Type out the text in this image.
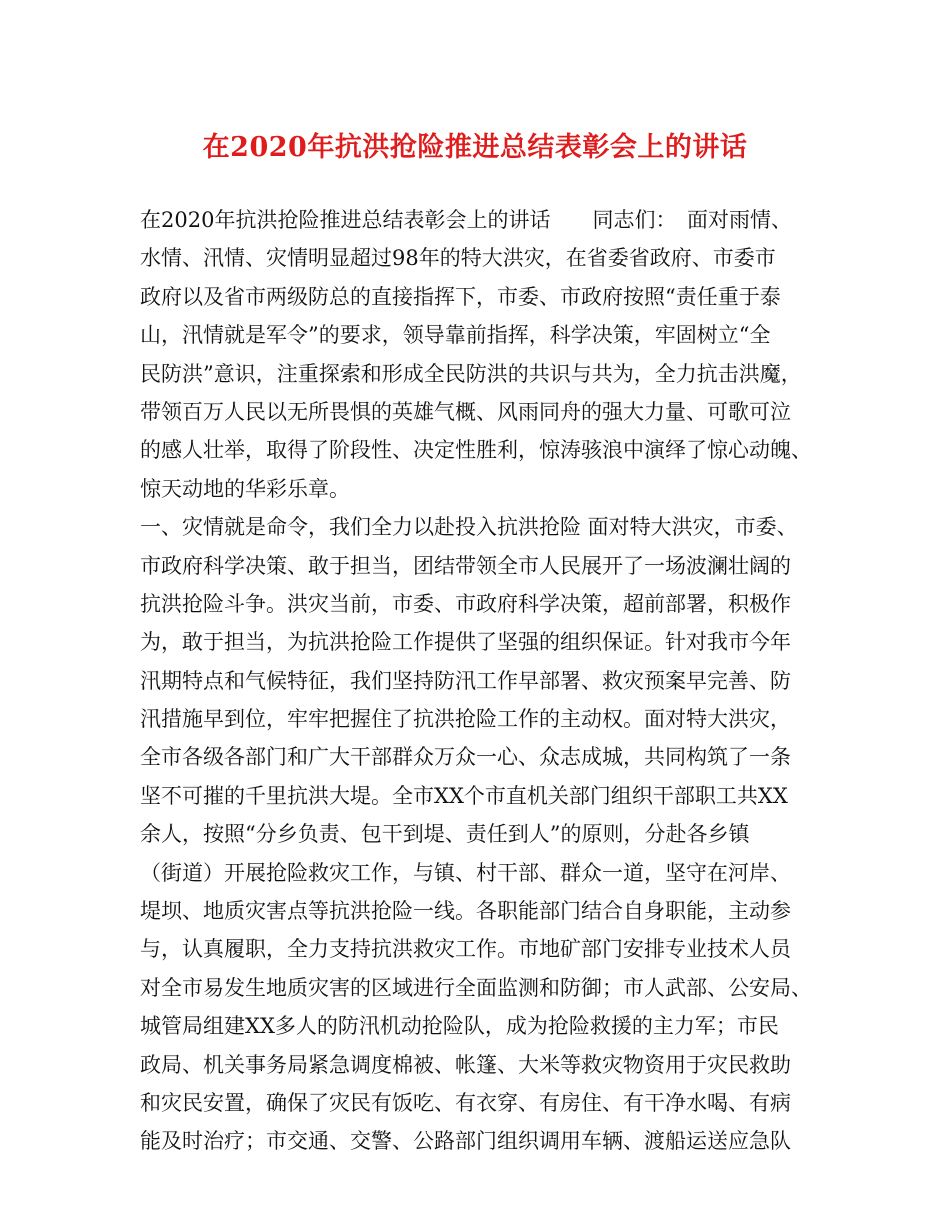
在2020年抗洪抢险推进总结表彰会上的讲话
在2020年抗洪抢险推进总结表彰会上的讲话　　同志们：　面对雨情、
水情、汛情、灾情明显超过98年的特大洪灾，在省委省政府、市委市
政府以及省市两级防总的直接指挥下，市委、市政府按照“责任重于泰
山，汛情就是军令”的要求，领导靠前指挥，科学决策，牢固树立“全
民防洪”意识，注重探索和形成全民防洪的共识与共为，全力抗击洪魔，
带领百万人民以无所畏惧的英雄气概、风雨同舟的强大力量、可歌可泣
的感人壮举，取得了阶段性、决定性胜利，惊涛骇浪中演绎了惊心动魄、
惊天动地的华彩乐章。
一、灾情就是命令，我们全力以赴投入抗洪抢险 面对特大洪灾，市委、
市政府科学决策、敢于担当，团结带领全市人民展开了一场波澜壮阔的
抗洪抢险斗争。洪灾当前，市委、市政府科学决策，超前部署，积极作
为，敢于担当，为抗洪抢险工作提供了坚强的组织保证。针对我市今年
汛期特点和气候特征，我们坚持防汛工作早部署、救灾预案早完善、防
汛措施早到位，牢牢把握住了抗洪抢险工作的主动权。面对特大洪灾，
全市各级各部门和广大干部群众万众一心、众志成城，共同构筑了一条
坚不可摧的千里抗洪大堤。全市XX个市直机关部门组织干部职工共XX
余人，按照“分乡负责、包干到堤、责任到人”的原则，分赴各乡镇
（街道）开展抢险救灾工作，与镇、村干部、群众一道，坚守在河岸、
堤坝、地质灾害点等抗洪抢险一线。各职能部门结合自身职能，主动参
与，认真履职，全力支持抗洪救灾工作。市地矿部门安排专业技术人员
对全市易发生地质灾害的区域进行全面监测和防御；市人武部、公安局、
城管局组建XX多人的防汛机动抢险队，成为抢险救援的主力军；市民
政局、机关事务局紧急调度棉被、帐篷、大米等救灾物资用于灾民救助
和灾民安置，确保了灾民有饭吃、有衣穿、有房住、有干净水喝、有病
能及时治疗；市交通、交警、公路部门组织调用车辆、渡船运送应急队
